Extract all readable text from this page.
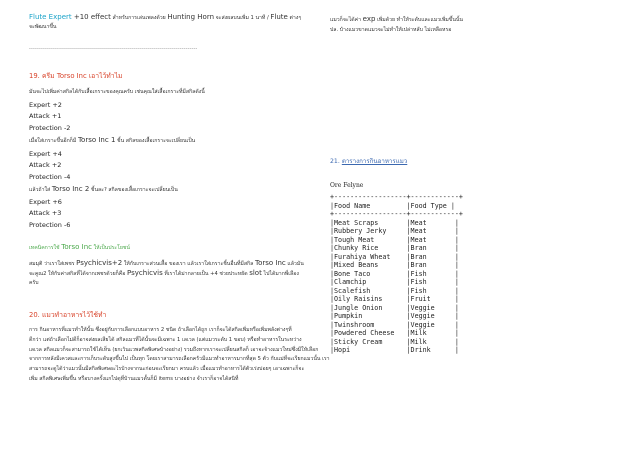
Flute Expert +10 effect สำหรับการเล่นเพลงด้วย Hunting Horn จะส่งผลบนเพิ่ม 1 นาที / Flute ต่างๆ

จะพัฒนาขึ้น

------------------------------------------------------------------------------------

19. ครีม Torso Inc เอาไว้ทำไม

มันจะไปเพิ่มค่าสกิลได้กับเสื้อเกราะของคุณครับ เช่นคุณใส่เสื้อเกราะที่มีสกิลดังนี้

Expert +2

Attack +1

Protection -2

เมื่อใส่เกราะขึ้นอีกก็มี Torso Inc 1 ชิ้น สกิลของเสื้อเกราะจะเปลี่ยนเป็น

Expert +4

Attack +2

Protection -4

แล้วถ้าใส่ Torso Inc 2 ชิ้นละ? สกิลของเสื้อเกราะจะเปลี่ยนเป็น

Expert +6

Attack +3

Protection -6

เทคนิคการใช้ Torso Inc ให้เป็นประโยชน์

สมมุติ ว่าเราใส่เพชร Psychicvis+2 ให้กับเกราะส่วนเสื้อ ของเรา แล้วเราใส่เกราะชิ้นอื่นที่มีสกิล Torso Inc แล้วมัน

จะคูณ2 ให้กับค่าสกิลที่ได้จากเพชรด้วยก็คือ Psychicvis ที่เราได้ม่ากลายเป็น +4 ช่วยประหยัด slot ไปได้มากพี่เลือง

ครับ

20. แมวทำอาหารไว้ใช้ทำ

การ กินอาหารที่แมวทำให้นั้น ซึ่งอยู่กับการเลือกแบบอาหาร 2 ชนิด ถ้าเลือกได้ถูก เราก็จะได้สกิลเพิ่มหรือเพิ่มพลังต่างๆที่

ดีกว่า แต่ถ้าเลือกไม่ดีก็อาจส่งผลเสียได้ สกิลแมวที่ได้นั้นจะมีเฉพาะ 1 เลเวล (แต่แมวระดับ 1 ขอบ) หรือทำอาหารในระหว่าง

เลเวล สกิลแมวก็จะสามารถใช้ได้เห็น (ยกเว้นแวพสกิลพิเศษบ้างอย่าง) รวมถึงหากเราจะเปลี่ยนสกิลก็ เอาจะจ้างแมวใหม่ซึ่งมีให้เลือก

จากการหลังมีเควสและการเก็บระดับสูงขึ้นไป เป็นทุก โดยเราสามารถเลือกครัวมีแมวทำอาหารมากที่สุด 5 ตัว กับแม่ที่จะเรียกแมวนั้น เรา

สามารถจะดูได้ว่าแมวนั้นมีสกิลพิเศษอะไรบ้างจากนะก่อนจะเรียกมา ครบแล้ว เมื่อแมวทำอาหารได้ตัวเร่งบ่อยๆ เอาเฉพาะก็จะ

เพิ่ม สกิลพิเศษเพิ่มขึ้น หรือบางครั้งแกไปดุที่บ้านแมวดั้นก็มี items บางอย่าง จำเราก็อาจได้สนิที่

แมวก็จะได้ค่า exp เพิ่มด้วย ทำให้ระดับและแมวเพิ่มขึ้นนั้น

ปล. บ้างแมวขาดแมวจะไม่ทำให้เปล่าหลับ ไม่เหลือหรอ

21. ตารางการกินอาหารแมว

Ore Felyne

+------------------+------------+

|Food Name         |Food Type |

+------------------+------------+

|Meat Scraps       |Meat       |

|Rubbery Jerky     |Meat       |

|Tough Meat        |Meat       |

|Chunky Rice       |Bran       |

|Furahiya Wheat    |Bran       |

|Mixed Beans       |Bran       |

|Bone Taco         |Fish       |

|Clamchip          |Fish       |

|Scalefish         |Fish       |

|Oily Raisins      |Fruit      |

|Jungle Onion      |Veggie     |

|Pumpkin           |Veggie     |

|Twinshroom        |Veggie     |

|Powdered Cheese   |Milk       |

|Sticky Cream      |Milk       |

|Hopi              |Drink      |
